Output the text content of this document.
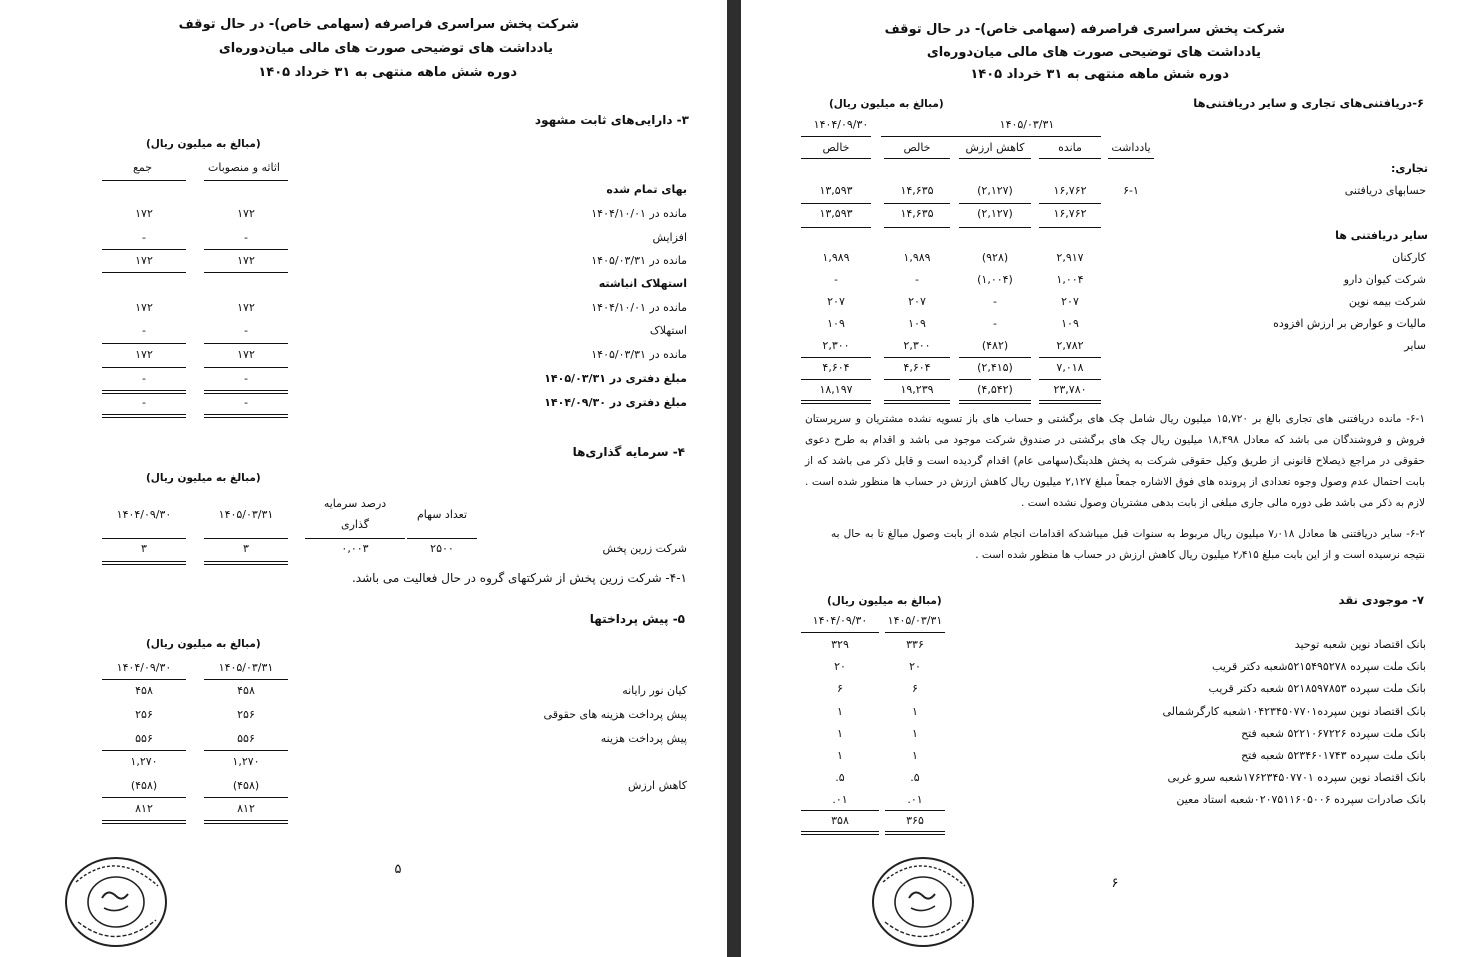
شرکت پخش سراسری فراصرفه (سهامی خاص)- در حال توقف
یادداشت های توضیحی صورت های مالی میان‌دوره‌ای
دوره شش ماهه منتهی به ۳۱ خرداد ۱۴۰۵
۳- دارایی‌های ثابت مشهود
(مبالغ به میلیون ریال)
اثاثه و منصوبات
جمع
بهای تمام شده
مانده در ۱۴۰۴/۱۰/۰۱
۱۷۲
۱۷۲
افزایش
-
-
مانده در ۱۴۰۵/۰۳/۳۱
۱۷۲
۱۷۲
استهلاک انباشته
مانده در ۱۴۰۴/۱۰/۰۱
۱۷۲
۱۷۲
استهلاک
-
-
مانده در ۱۴۰۵/۰۳/۳۱
۱۷۲
۱۷۲
مبلغ دفتری در ۱۴۰۵/۰۳/۳۱
-
-
مبلغ دفتری در ۱۴۰۴/۰۹/۳۰
-
-
۴- سرمایه گذاری‌ها
(مبالغ به میلیون ریال)
درصد سرمایه
گذاری
تعداد سهام
۱۴۰۵/۰۳/۳۱
۱۴۰۴/۰۹/۳۰
شرکت زرین پخش
۲۵۰۰
۰,۰۰۳
۳
۳
۴-۱- شرکت زرین پخش از شرکتهای گروه در حال فعالیت می باشد.
۵- پیش پرداختها
(مبالغ به میلیون ریال)
۱۴۰۵/۰۳/۳۱
۱۴۰۴/۰۹/۳۰
کیان نور رایانه
۴۵۸
۴۵۸
پیش پرداخت هزینه های حقوقی
۲۵۶
۲۵۶
پیش پرداخت هزینه
۵۵۶
۵۵۶
۱,۲۷۰
۱,۲۷۰
کاهش ارزش
(۴۵۸)
(۴۵۸)
۸۱۲
۸۱۲
۵
شرکت پخش سراسری فراصرفه (سهامی خاص)- در حال توقف
یادداشت های توضیحی صورت های مالی میان‌دوره‌ای
دوره شش ماهه منتهی به ۳۱ خرداد ۱۴۰۵
۶-دریافتنی‌های تجاری و سایر دریافتنی‌ها
(مبالغ به میلیون ریال)
۱۴۰۵/۰۳/۳۱
۱۴۰۴/۰۹/۳۰
یادداشت
مانده
کاهش ارزش
خالص
خالص
تجاری:
حسابهای دریافتنی
۶-۱
۱۶,۷۶۲
(۲,۱۲۷)
۱۴,۶۳۵
۱۳,۵۹۳
۱۶,۷۶۲
(۲,۱۲۷)
۱۴,۶۳۵
۱۳,۵۹۳
سایر دریافتنی ها
کارکنان
۲,۹۱۷
(۹۲۸)
۱,۹۸۹
۱,۹۸۹
شرکت کیوان دارو
۱,۰۰۴
(۱,۰۰۴)
-
-
شرکت بیمه نوین
۲۰۷
-
۲۰۷
۲۰۷
مالیات و عوارض بر ارزش افزوده
۱۰۹
-
۱۰۹
۱۰۹
سایر
۲,۷۸۲
(۴۸۲)
۲,۳۰۰
۲,۳۰۰
۷,۰۱۸
(۲,۴۱۵)
۴,۶۰۴
۴,۶۰۴
۲۳,۷۸۰
(۴,۵۴۲)
۱۹,۲۳۹
۱۸,۱۹۷
۶-۱- مانده دریافتنی های تجاری بالغ بر ۱۵,۷۲۰ میلیون ریال شامل چک های برگشتی و حساب های باز تسویه نشده مشتریان و سرپرستان فروش و فروشندگان می باشد که معادل ۱۸,۴۹۸ میلیون ریال چک های برگشتی در صندوق شرکت موجود می باشد و اقدام به طرح دعوی حقوقی در مراجع ذیصلاح قانونی از طریق وکیل حقوقی شرکت به پخش هلدینگ(سهامی عام) اقدام گردیده است و قابل ذکر می باشد که از بابت احتمال عدم وصول وجوه تعدادی از پرونده های فوق الاشاره جمعاً مبلغ ۲,۱۲۷ میلیون ریال کاهش ارزش در حساب ها منظور شده است . لازم به ذکر می باشد طی دوره مالی جاری مبلغی از بابت بدهی مشتریان وصول نشده است .
۶-۲- سایر دریافتنی ها معادل ۷٫۰۱۸ میلیون ریال مربوط به سنوات قبل میباشدکه اقدامات انجام شده از بابت وصول مبالغ تا به حال به نتیجه نرسیده است و از این بابت مبلغ ۲٫۴۱۵ میلیون ریال کاهش ارزش در حساب ها منظور شده است .
۷- موجودی نقد
(مبالغ به میلیون ریال)
۱۴۰۵/۰۳/۳۱
۱۴۰۴/۰۹/۳۰
بانک اقتصاد نوین شعبه توحید
۳۳۶
۳۲۹
بانک ملت سپرده ۵۲۱۵۴۹۵۲۷۸شعبه دکتر قریب
۲۰
۲۰
بانک ملت سپرده ۵۲۱۸۵۹۷۸۵۳ شعبه دکتر قریب
۶
۶
بانک اقتصاد نوین سپرده۱۰۴۲۳۴۵۰۷۷۰۱شعبه کارگرشمالی
۱
۱
بانک ملت سپرده ۵۲۲۱۰۶۷۲۲۶ شعبه فتح
۱
۱
بانک ملت سپرده ۵۲۳۴۶۰۱۷۴۳ شعبه فتح
۱
۱
بانک اقتصاد نوین سپرده ۱۷۶۲۳۴۵۰۷۷۰۱شعبه سرو غربی
.۵
.۵
بانک صادرات سپرده ۰۲۰۷۵۱۱۶۰۵۰۰۶شعبه استاد معین
.۰۱
.۰۱
۳۶۵
۳۵۸
۶
